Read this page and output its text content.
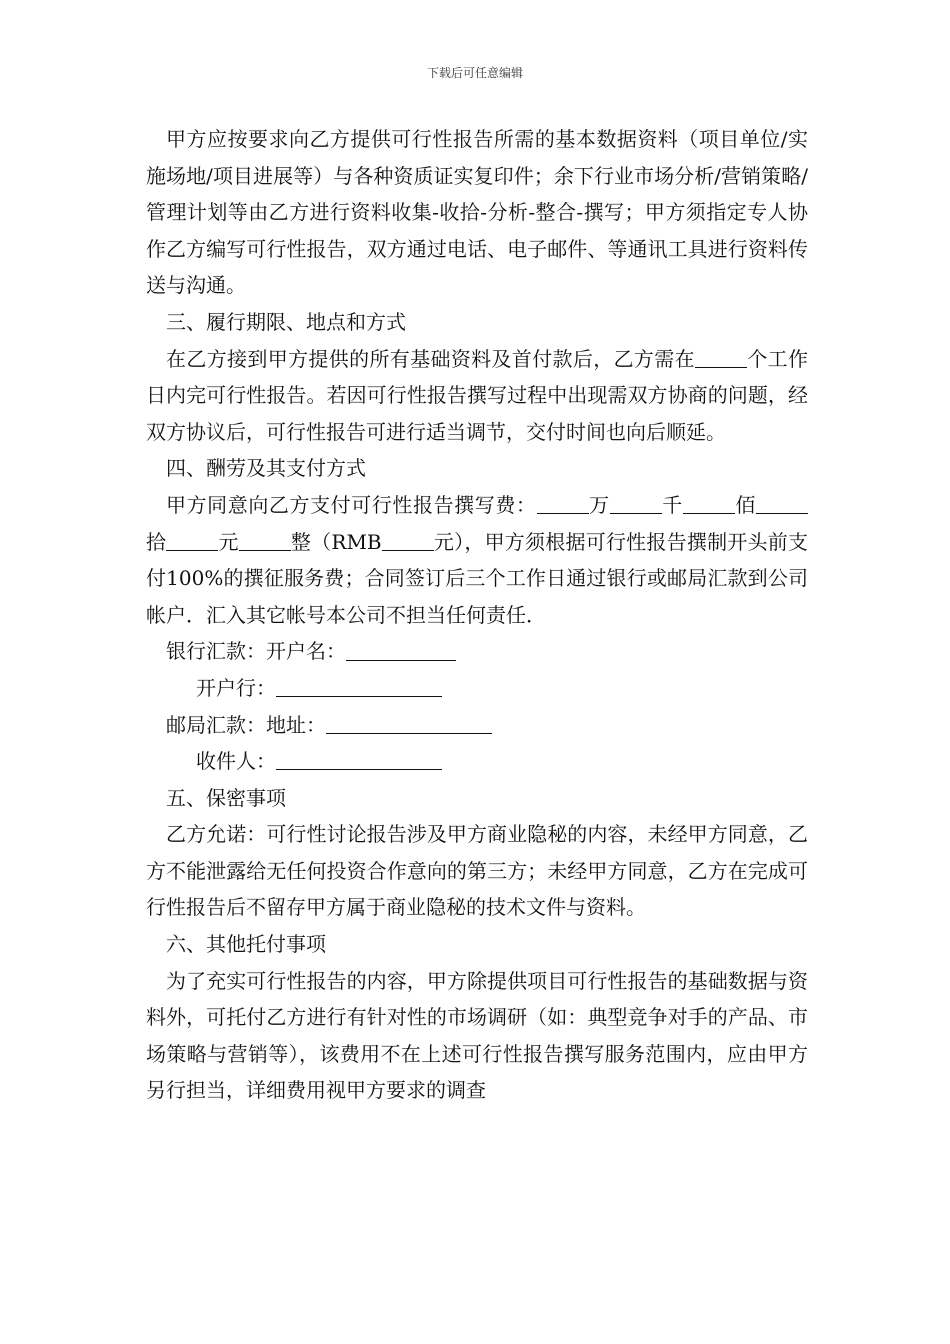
下载后可任意编辑

甲方应按要求向乙方提供可行性报告所需的基本数据资料（项目单位/实施场地/项目进展等）与各种资质证实复印件；余下行业市场分析/营销策略/管理计划等由乙方进行资料收集-收拾-分析-整合-撰写；甲方须指定专人协作乙方编写可行性报告，双方通过电话、电子邮件、等通讯工具进行资料传送与沟通。

三、履行期限、地点和方式

在乙方接到甲方提供的所有基础资料及首付款后，乙方需在	个工作日内完可行性报告。若因可行性报告撰写过程中出现需双方协商的问题，经双方协议后，可行性报告可进行适当调节，交付时间也向后顺延。

四、酬劳及其支付方式

甲方同意向乙方支付可行性报告撰写费：	万	千	佰拾	元	整（RMB	元），甲方须根据可行性报告撰制开头前支付100%的撰征服务费；合同签订后三个工作日通过银行或邮局汇款到公司帐户．汇入其它帐号本公司不担当任何责任．

银行汇款：开户名：

开户行：

邮局汇款：地址：

收件人：

五、保密事项

乙方允诺：可行性讨论报告涉及甲方商业隐秘的内容，未经甲方同意，乙方不能泄露给无任何投资合作意向的第三方；未经甲方同意，乙方在完成可行性报告后不留存甲方属于商业隐秘的技术文件与资料。

六、其他托付事项

为了充实可行性报告的内容，甲方除提供项目可行性报告的基础数据与资料外，可托付乙方进行有针对性的市场调研（如：典型竞争对手的产品、市场策略与营销等），该费用不在上述可行性报告撰写服务范围内，应由甲方另行担当，详细费用视甲方要求的调查
